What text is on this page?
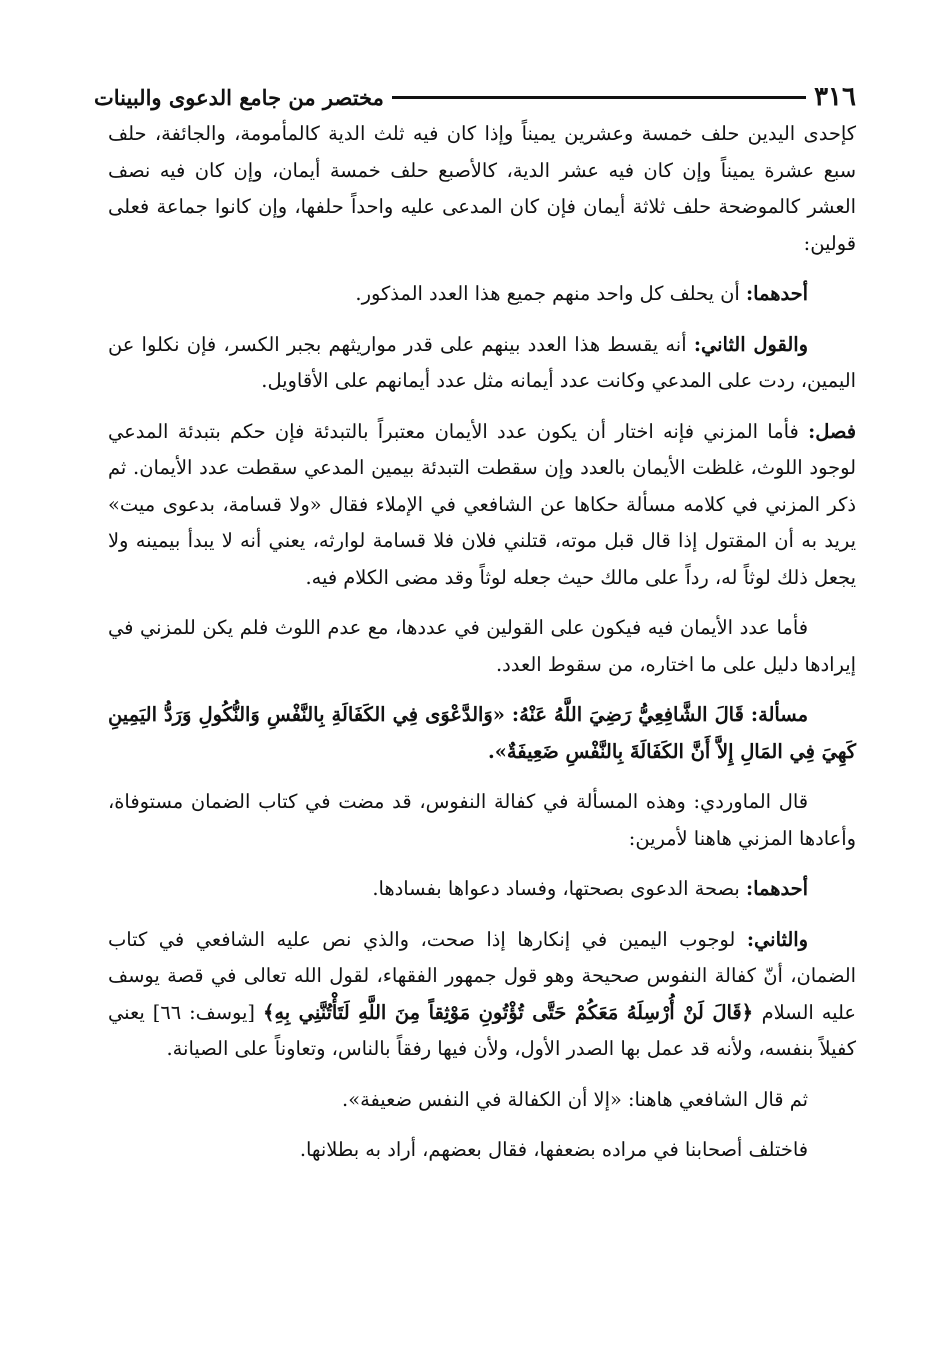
٣١٦
مختصر من جامع الدعوى والبينات

كإحدى اليدين حلف خمسة وعشرين يميناً وإذا كان فيه ثلث الدية كالمأمومة، والجائفة، حلف سبع عشرة يميناً وإن كان فيه عشر الدية، كالأصبع حلف خمسة أيمان، وإن كان فيه نصف العشر كالموضحة حلف ثلاثة أيمان فإن كان المدعى عليه واحداً حلفها، وإن كانوا جماعة فعلى قولين:

أحدهما: أن يحلف كل واحد منهم جميع هذا العدد المذكور.

والقول الثاني: أنه يقسط هذا العدد بينهم على قدر مواريثهم بجبر الكسر، فإن نكلوا عن اليمين، ردت على المدعي وكانت عدد أيمانه مثل عدد أيمانهم على الأقاويل.

فصل: فأما المزني فإنه اختار أن يكون عدد الأيمان معتبراً بالتبدئة فإن حكم بتبدئة المدعي لوجود اللوث، غلظت الأيمان بالعدد وإن سقطت التبدئة بيمين المدعي سقطت عدد الأيمان. ثم ذكر المزني في كلامه مسألة حكاها عن الشافعي في الإملاء فقال «ولا قسامة، بدعوى ميت» يريد به أن المقتول إذا قال قبل موته، قتلني فلان فلا قسامة لوارثه، يعني أنه لا يبدأ بيمينه ولا يجعل ذلك لوثاً له، رداً على مالك حيث جعله لوثاً وقد مضى الكلام فيه.

فأما عدد الأيمان فيه فيكون على القولين في عددها، مع عدم اللوث فلم يكن للمزني في إيرادها دليل على ما اختاره، من سقوط العدد.

مسألة: قَالَ الشَّافِعِيُّ رَضِيَ اللَّهُ عَنْهُ: «وَالدَّعْوَى فِي الكَفَالَةِ بِالنَّفْسِ وَالنُّكُولِ وَرَدُّ اليَمِينِ كَهِيَ فِي المَالِ إِلاَّ أَنَّ الكَفَالَةَ بِالنَّفْسِ ضَعِيفَةٌ».

قال الماوردي: وهذه المسألة في كفالة النفوس، قد مضت في كتاب الضمان مستوفاة، وأعادها المزني هاهنا لأمرين:

أحدهما: بصحة الدعوى بصحتها، وفساد دعواها بفسادها.

والثاني: لوجوب اليمين في إنكارها إذا صحت، والذي نص عليه الشافعي في كتاب الضمان، أنّ كفالة النفوس صحيحة وهو قول جمهور الفقهاء، لقول الله تعالى في قصة يوسف عليه السلام ﴿قَالَ لَنْ أُرْسِلَهُ مَعَكُمْ حَتَّى تُؤْتُونِ مَوْثِقاً مِنَ اللَّهِ لَتَأْتُنَّنِي بِهِ﴾ [يوسف: ٦٦] يعني كفيلاً بنفسه، ولأنه قد عمل بها الصدر الأول، ولأن فيها رفقاً بالناس، وتعاوناً على الصيانة.

ثم قال الشافعي هاهنا: «إلا أن الكفالة في النفس ضعيفة».

فاختلف أصحابنا في مراده بضعفها، فقال بعضهم، أراد به بطلانها.
